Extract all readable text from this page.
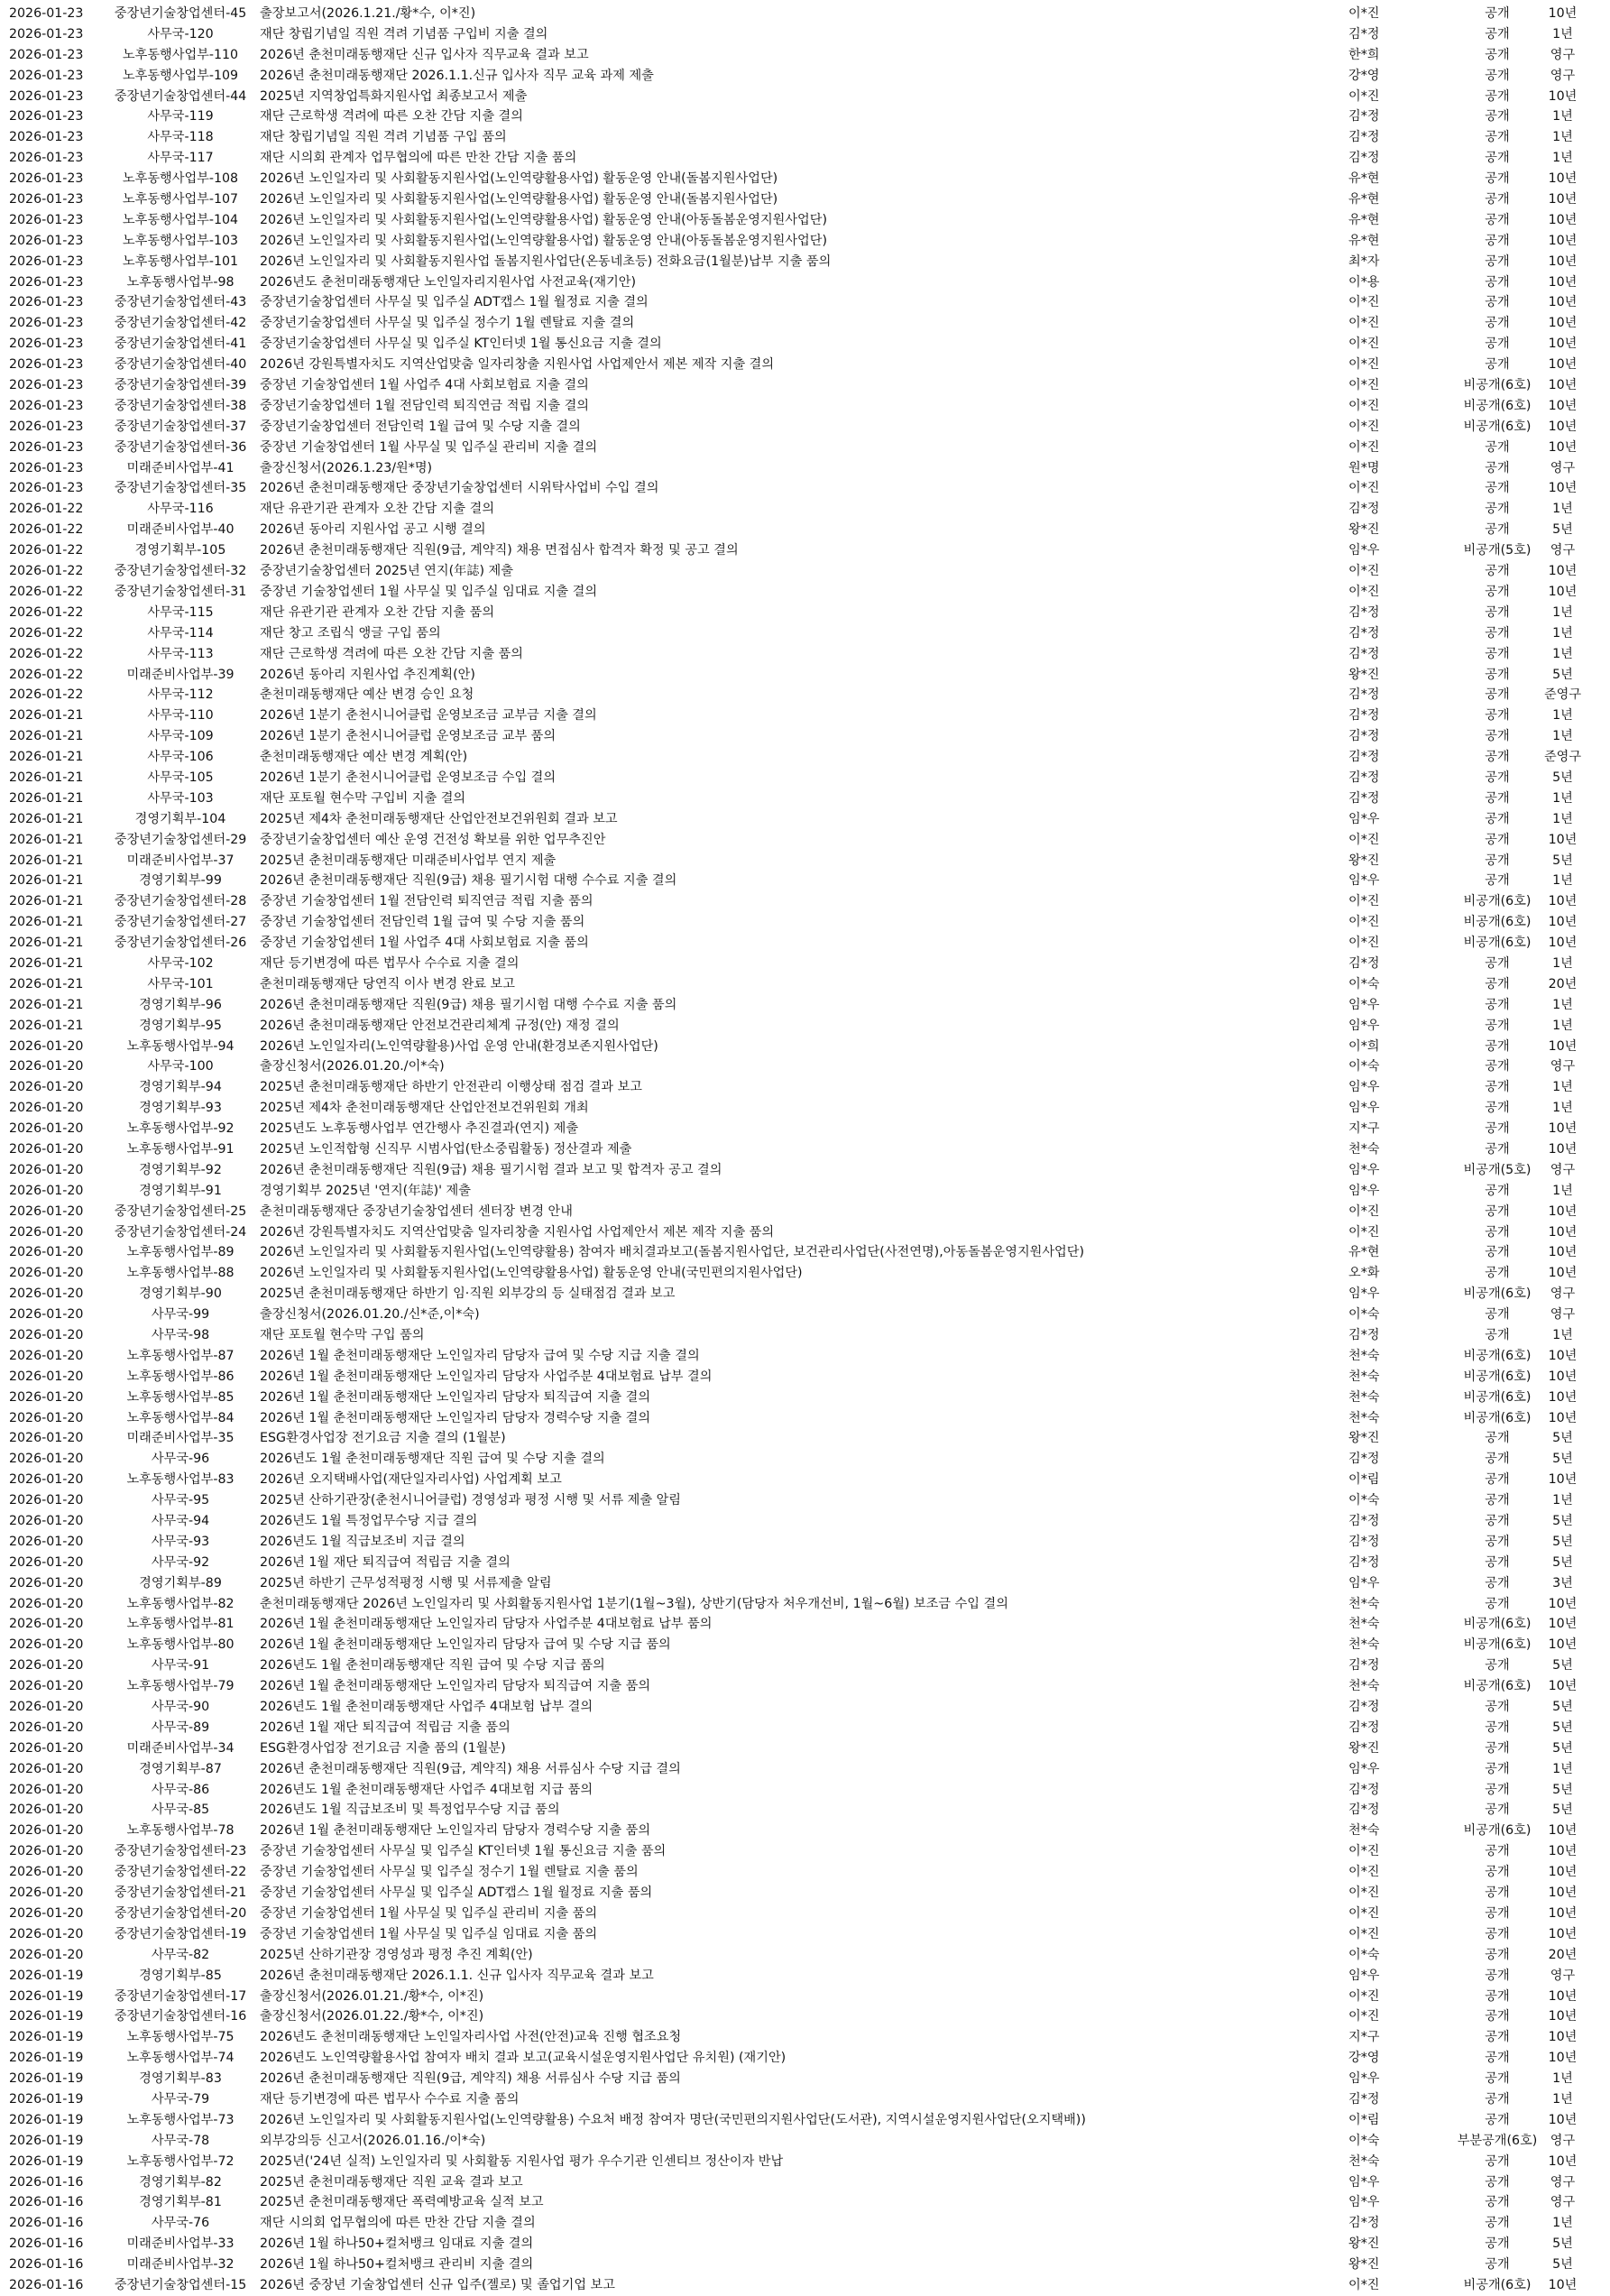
2026-01-23	중장년기술창업센터-45	출장보고서(2026.1.21./황*수, 이*진)	이*진	공개	10년
2026-01-23	사무국-120	재단 창립기념일 직원 격려 기념품 구입비 지출 결의	김*정	공개	1년
2026-01-23	노후동행사업부-110	2026년 춘천미래동행재단 신규 입사자 직무교육 결과 보고	한*희	공개	영구
2026-01-23	노후동행사업부-109	2026년 춘천미래동행재단 2026.1.1.신규 입사자 직무 교육 과제 제출	강*영	공개	영구
2026-01-23	중장년기술창업센터-44	2025년 지역창업특화지원사업 최종보고서 제출	이*진	공개	10년
2026-01-23	사무국-119	재단 근로학생 격려에 따른 오찬 간담 지출 결의	김*정	공개	1년
2026-01-23	사무국-118	재단 창립기념일 직원 격려 기념품 구입 품의	김*정	공개	1년
2026-01-23	사무국-117	재단 시의회 관계자 업무협의에 따른 만찬 간담 지출 품의	김*정	공개	1년
2026-01-23	노후동행사업부-108	2026년 노인일자리 및 사회활동지원사업(노인역량활용사업) 활동운영 안내(돌봄지원사업단)	유*현	공개	10년
2026-01-23	노후동행사업부-107	2026년 노인일자리 및 사회활동지원사업(노인역량활용사업) 활동운영 안내(돌봄지원사업단)	유*현	공개	10년
2026-01-23	노후동행사업부-104	2026년 노인일자리 및 사회활동지원사업(노인역량활용사업) 활동운영 안내(아동돌봄운영지원사업단)	유*현	공개	10년
2026-01-23	노후동행사업부-103	2026년 노인일자리 및 사회활동지원사업(노인역량활용사업) 활동운영 안내(아동돌봄운영지원사업단)	유*현	공개	10년
2026-01-23	노후동행사업부-101	2026년 노인일자리 및 사회활동지원사업 돌봄지원사업단(온동네초등) 전화요금(1월분)납부 지출 품의	최*자	공개	10년
2026-01-23	노후동행사업부-98	2026년도 춘천미래동행재단 노인일자리지원사업 사전교육(재기안)	이*용	공개	10년
2026-01-23	중장년기술창업센터-43	중장년기술창업센터 사무실 및 입주실 ADT캡스 1월 월정료 지출 결의	이*진	공개	10년
2026-01-23	중장년기술창업센터-42	중장년기술창업센터 사무실 및 입주실 정수기 1월 렌탈료 지출 결의	이*진	공개	10년
2026-01-23	중장년기술창업센터-41	중장년기술창업센터 사무실 및 입주실 KT인터넷 1월 통신요금 지출 결의	이*진	공개	10년
2026-01-23	중장년기술창업센터-40	2026년 강원특별자치도 지역산업맞춤 일자리창출 지원사업 사업제안서 제본 제작 지출 결의	이*진	공개	10년
2026-01-23	중장년기술창업센터-39	중장년 기술창업센터 1월 사업주 4대 사회보험료 지출 결의	이*진	비공개(6호)	10년
2026-01-23	중장년기술창업센터-38	중장년기술창업센터 1월 전담인력 퇴직연금 적립 지출 결의	이*진	비공개(6호)	10년
2026-01-23	중장년기술창업센터-37	중장년기술창업센터 전담인력 1월 급여 및 수당 지출 결의	이*진	비공개(6호)	10년
2026-01-23	중장년기술창업센터-36	중장년 기술창업센터 1월 사무실 및 입주실 관리비 지출 결의	이*진	공개	10년
2026-01-23	미래준비사업부-41	출장신청서(2026.1.23/원*명)	원*명	공개	영구
2026-01-23	중장년기술창업센터-35	2026년 춘천미래동행재단 중장년기술창업센터 시위탁사업비 수입 결의	이*진	공개	10년
2026-01-22	사무국-116	재단 유관기관 관계자 오찬 간담 지출 결의	김*정	공개	1년
2026-01-22	미래준비사업부-40	2026년 동아리 지원사업 공고 시행 결의	왕*진	공개	5년
2026-01-22	경영기획부-105	2026년 춘천미래동행재단 직원(9급, 계약직) 채용 면접심사 합격자 확정 및 공고 결의	임*우	비공개(5호)	영구
2026-01-22	중장년기술창업센터-32	중장년기술창업센터 2025년 연지(年誌) 제출	이*진	공개	10년
2026-01-22	중장년기술창업센터-31	중장년 기술창업센터 1월 사무실 및 입주실 임대료 지출 결의	이*진	공개	10년
2026-01-22	사무국-115	재단 유관기관 관계자 오찬 간담 지출 품의	김*정	공개	1년
2026-01-22	사무국-114	재단 창고 조립식 앵글 구입 품의	김*정	공개	1년
2026-01-22	사무국-113	재단 근로학생 격려에 따른 오찬 간담 지출 품의	김*정	공개	1년
2026-01-22	미래준비사업부-39	2026년 동아리 지원사업 추진계획(안)	왕*진	공개	5년
2026-01-22	사무국-112	춘천미래동행재단 예산 변경 승인 요청	김*정	공개	준영구
2026-01-21	사무국-110	2026년 1분기 춘천시니어클럽 운영보조금 교부금 지출 결의	김*정	공개	1년
2026-01-21	사무국-109	2026년 1분기 춘천시니어클럽 운영보조금 교부 품의	김*정	공개	1년
2026-01-21	사무국-106	춘천미래동행재단 예산 변경 계획(안)	김*정	공개	준영구
2026-01-21	사무국-105	2026년 1분기 춘천시니어클럽 운영보조금 수입 결의	김*정	공개	5년
2026-01-21	사무국-103	재단 포토월 현수막 구입비 지출 결의	김*정	공개	1년
2026-01-21	경영기획부-104	2025년 제4차 춘천미래동행재단 산업안전보건위원회 결과 보고	임*우	공개	1년
2026-01-21	중장년기술창업센터-29	중장년기술창업센터 예산 운영 건전성 확보를 위한 업무추진안	이*진	공개	10년
2026-01-21	미래준비사업부-37	2025년 춘천미래동행재단 미래준비사업부 연지 제출	왕*진	공개	5년
2026-01-21	경영기획부-99	2026년 춘천미래동행재단 직원(9급) 채용 필기시험 대행 수수료 지출 결의	임*우	공개	1년
2026-01-21	중장년기술창업센터-28	중장년 기술창업센터 1월 전담인력 퇴직연금 적립 지출 품의	이*진	비공개(6호)	10년
2026-01-21	중장년기술창업센터-27	중장년 기술창업센터 전담인력 1월 급여 및 수당 지출 품의	이*진	비공개(6호)	10년
2026-01-21	중장년기술창업센터-26	중장년 기술창업센터 1월 사업주 4대 사회보험료 지출 품의	이*진	비공개(6호)	10년
2026-01-21	사무국-102	재단 등기변경에 따른 법무사 수수료 지출 결의	김*정	공개	1년
2026-01-21	사무국-101	춘천미래동행재단 당연직 이사 변경 완료 보고	이*숙	공개	20년
2026-01-21	경영기획부-96	2026년 춘천미래동행재단 직원(9급) 채용 필기시험 대행 수수료 지출 품의	임*우	공개	1년
2026-01-21	경영기획부-95	2026년 춘천미래동행재단 안전보건관리체계 규정(안) 재정 결의	임*우	공개	1년
2026-01-20	노후동행사업부-94	2026년 노인일자리(노인역량활용)사업 운영 안내(환경보존지원사업단)	이*희	공개	10년
2026-01-20	사무국-100	출장신청서(2026.01.20./이*숙)	이*숙	공개	영구
2026-01-20	경영기획부-94	2025년 춘천미래동행재단 하반기 안전관리 이행상태 점검 결과 보고	임*우	공개	1년
2026-01-20	경영기획부-93	2025년 제4차 춘천미래동행재단 산업안전보건위원회 개최	임*우	공개	1년
2026-01-20	노후동행사업부-92	2025년도 노후동행사업부 연간행사 추진결과(연지) 제출	지*구	공개	10년
2026-01-20	노후동행사업부-91	2025년 노인적합형 신직무 시범사업(탄소중립활동) 정산결과 제출	천*숙	공개	10년
2026-01-20	경영기획부-92	2026년 춘천미래동행재단 직원(9급) 채용 필기시험 결과 보고 및 합격자 공고 결의	임*우	비공개(5호)	영구
2026-01-20	경영기획부-91	경영기획부 2025년 '연지(年誌)' 제출	임*우	공개	1년
2026-01-20	중장년기술창업센터-25	춘천미래동행재단 중장년기술창업센터 센터장 변경 안내	이*진	공개	10년
2026-01-20	중장년기술창업센터-24	2026년 강원특별자치도 지역산업맞춤 일자리창출 지원사업 사업제안서 제본 제작 지출 품의	이*진	공개	10년
2026-01-20	노후동행사업부-89	2026년 노인일자리 및 사회활동지원사업(노인역량활용) 참여자 배치결과보고(돌봄지원사업단, 보건관리사업단(사전연명),아동돌봄운영지원사업단)	유*현	공개	10년
2026-01-20	노후동행사업부-88	2026년 노인일자리 및 사회활동지원사업(노인역량활용사업) 활동운영 안내(국민편의지원사업단)	오*화	공개	10년
2026-01-20	경영기획부-90	2025년 춘천미래동행재단 하반기 임·직원 외부강의 등 실태점검 결과 보고	임*우	비공개(6호)	영구
2026-01-20	사무국-99	출장신청서(2026.01.20./신*준,이*숙)	이*숙	공개	영구
2026-01-20	사무국-98	재단 포토월 현수막 구입 품의	김*정	공개	1년
2026-01-20	노후동행사업부-87	2026년 1월 춘천미래동행재단 노인일자리 담당자 급여 및 수당 지급 지출 결의	천*숙	비공개(6호)	10년
2026-01-20	노후동행사업부-86	2026년 1월 춘천미래동행재단 노인일자리 담당자 사업주분 4대보험료 납부 결의	천*숙	비공개(6호)	10년
2026-01-20	노후동행사업부-85	2026년 1월 춘천미래동행재단 노인일자리 담당자 퇴직급여 지출 결의	천*숙	비공개(6호)	10년
2026-01-20	노후동행사업부-84	2026년 1월 춘천미래동행재단 노인일자리 담당자 경력수당 지출 결의	천*숙	비공개(6호)	10년
2026-01-20	미래준비사업부-35	ESG환경사업장 전기요금 지출 결의 (1월분)	왕*진	공개	5년
2026-01-20	사무국-96	2026년도 1월 춘천미래동행재단 직원 급여 및 수당 지출 결의	김*정	공개	5년
2026-01-20	노후동행사업부-83	2026년 오지택배사업(재단일자리사업) 사업계획 보고	이*림	공개	10년
2026-01-20	사무국-95	2025년 산하기관장(춘천시니어클럽) 경영성과 평정 시행 및 서류 제출 알림	이*숙	공개	1년
2026-01-20	사무국-94	2026년도 1월 특정업무수당 지급 결의	김*정	공개	5년
2026-01-20	사무국-93	2026년도 1월 직급보조비 지급 결의	김*정	공개	5년
2026-01-20	사무국-92	2026년 1월 재단 퇴직급여 적립금 지출 결의	김*정	공개	5년
2026-01-20	경영기획부-89	2025년 하반기 근무성적평정 시행 및 서류제출 알림	임*우	공개	3년
2026-01-20	노후동행사업부-82	춘천미래동행재단 2026년 노인일자리 및 사회활동지원사업 1분기(1월~3월), 상반기(담당자 처우개선비, 1월~6월) 보조금 수입 결의	천*숙	공개	10년
2026-01-20	노후동행사업부-81	2026년 1월 춘천미래동행재단 노인일자리 담당자 사업주분 4대보험료 납부 품의	천*숙	비공개(6호)	10년
2026-01-20	노후동행사업부-80	2026년 1월 춘천미래동행재단 노인일자리 담당자 급여 및 수당 지급 품의	천*숙	비공개(6호)	10년
2026-01-20	사무국-91	2026년도 1월 춘천미래동행재단 직원 급여 및 수당 지급 품의	김*정	공개	5년
2026-01-20	노후동행사업부-79	2026년 1월 춘천미래동행재단 노인일자리 담당자 퇴직급여 지출 품의	천*숙	비공개(6호)	10년
2026-01-20	사무국-90	2026년도 1월 춘천미래동행재단 사업주 4대보험 납부 결의	김*정	공개	5년
2026-01-20	사무국-89	2026년 1월 재단 퇴직급여 적립금 지출 품의	김*정	공개	5년
2026-01-20	미래준비사업부-34	ESG환경사업장 전기요금 지출 품의 (1월분)	왕*진	공개	5년
2026-01-20	경영기획부-87	2026년 춘천미래동행재단 직원(9급, 계약직) 채용 서류심사 수당 지급 결의	임*우	공개	1년
2026-01-20	사무국-86	2026년도 1월 춘천미래동행재단 사업주 4대보험 지급 품의	김*정	공개	5년
2026-01-20	사무국-85	2026년도 1월 직급보조비 및 특정업무수당 지급 품의	김*정	공개	5년
2026-01-20	노후동행사업부-78	2026년 1월 춘천미래동행재단 노인일자리 담당자 경력수당 지출 품의	천*숙	비공개(6호)	10년
2026-01-20	중장년기술창업센터-23	중장년 기술창업센터 사무실 및 입주실 KT인터넷 1월 통신요금 지출 품의	이*진	공개	10년
2026-01-20	중장년기술창업센터-22	중장년 기술창업센터 사무실 및 입주실 정수기 1월 렌탈료 지출 품의	이*진	공개	10년
2026-01-20	중장년기술창업센터-21	중장년 기술창업센터 사무실 및 입주실 ADT캡스 1월 월정료 지출 품의	이*진	공개	10년
2026-01-20	중장년기술창업센터-20	중장년 기술창업센터 1월 사무실 및 입주실 관리비 지출 품의	이*진	공개	10년
2026-01-20	중장년기술창업센터-19	중장년 기술창업센터 1월 사무실 및 입주실 임대료 지출 품의	이*진	공개	10년
2026-01-20	사무국-82	2025년 산하기관장 경영성과 평정 추진 계획(안)	이*숙	공개	20년
2026-01-19	경영기획부-85	2026년 춘천미래동행재단 2026.1.1. 신규 입사자 직무교육 결과 보고	임*우	공개	영구
2026-01-19	중장년기술창업센터-17	출장신청서(2026.01.21./황*수, 이*진)	이*진	공개	10년
2026-01-19	중장년기술창업센터-16	출장신청서(2026.01.22./황*수, 이*진)	이*진	공개	10년
2026-01-19	노후동행사업부-75	2026년도 춘천미래동행재단 노인일자리사업 사전(안전)교육 진행 협조요청	지*구	공개	10년
2026-01-19	노후동행사업부-74	2026년도 노인역량활용사업 참여자 배치 결과 보고(교육시설운영지원사업단 유치원) (재기안)	강*영	공개	10년
2026-01-19	경영기획부-83	2026년 춘천미래동행재단 직원(9급, 계약직) 채용 서류심사 수당 지급 품의	임*우	공개	1년
2026-01-19	사무국-79	재단 등기변경에 따른 법무사 수수료 지출 품의	김*정	공개	1년
2026-01-19	노후동행사업부-73	2026년 노인일자리 및 사회활동지원사업(노인역량활용) 수요처 배정 참여자 명단(국민편의지원사업단(도서관), 지역시설운영지원사업단(오지택배))	이*림	공개	10년
2026-01-19	사무국-78	외부강의등 신고서(2026.01.16./이*숙)	이*숙	부분공개(6호)	영구
2026-01-19	노후동행사업부-72	2025년('24년 실적) 노인일자리 및 사회활동 지원사업 평가 우수기관 인센티브 정산이자 반납	천*숙	공개	10년
2026-01-16	경영기획부-82	2025년 춘천미래동행재단 직원 교육 결과 보고	임*우	공개	영구
2026-01-16	경영기획부-81	2025년 춘천미래동행재단 폭력예방교육 실적 보고	임*우	공개	영구
2026-01-16	사무국-76	재단 시의회 업무협의에 따른 만찬 간담 지출 결의	김*정	공개	1년
2026-01-16	미래준비사업부-33	2026년 1월 하나50+컬처뱅크 임대료 지출 결의	왕*진	공개	5년
2026-01-16	미래준비사업부-32	2026년 1월 하나50+컬처뱅크 관리비 지출 결의	왕*진	공개	5년
2026-01-16	중장년기술창업센터-15	2026년 중장년 기술창업센터 신규 입주(젤로) 및 졸업기업 보고	이*진	비공개(6호)	10년
